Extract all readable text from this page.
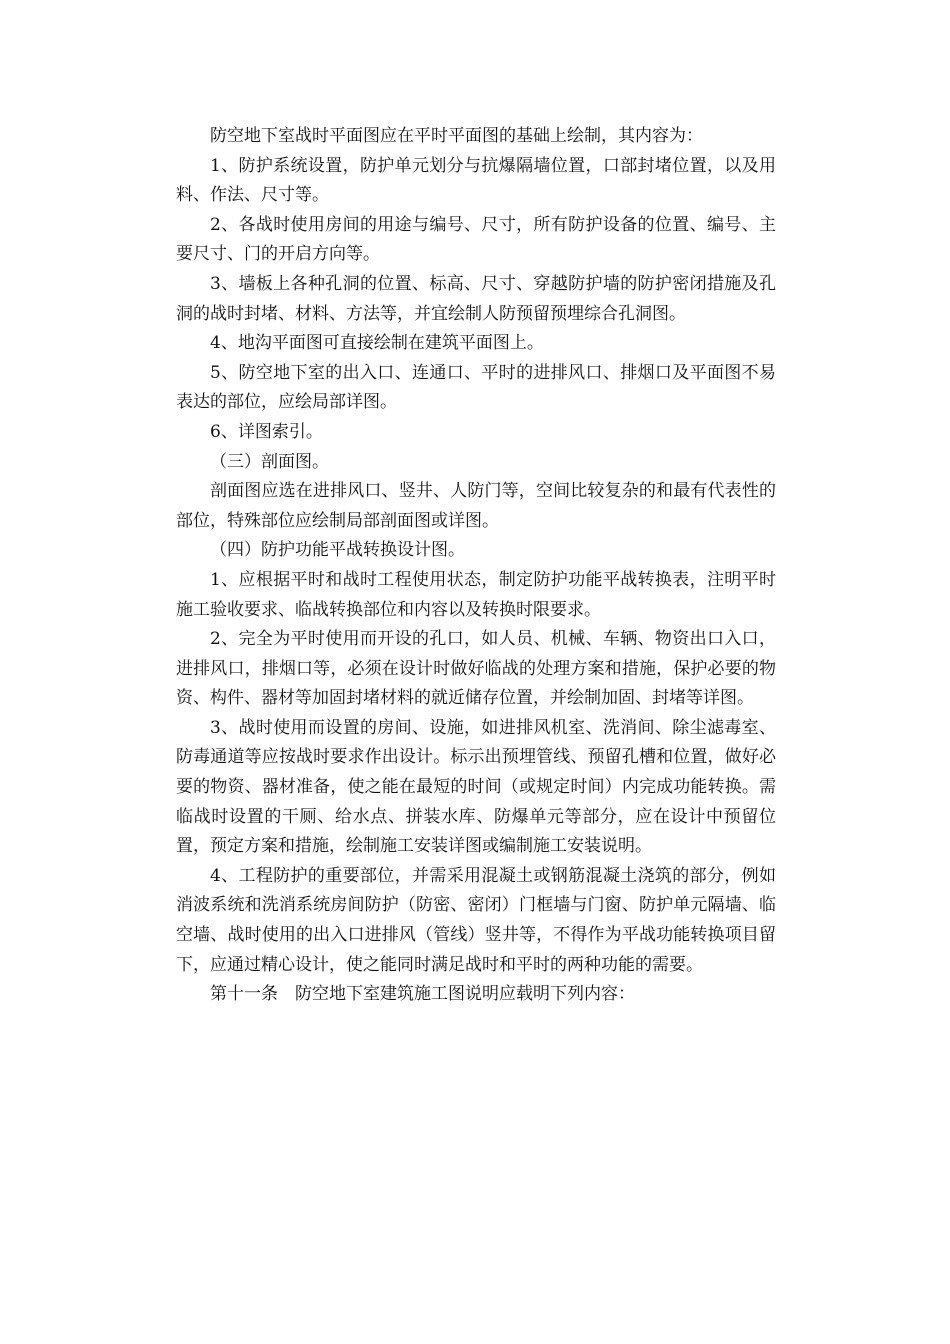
防空地下室战时平面图应在平时平面图的基础上绘制，其内容为：

1、防护系统设置，防护单元划分与抗爆隔墙位置，口部封堵位置，以及用料、作法、尺寸等。

2、各战时使用房间的用途与编号、尺寸，所有防护设备的位置、编号、主要尺寸、门的开启方向等。

3、墙板上各种孔洞的位置、标高、尺寸、穿越防护墙的防护密闭措施及孔洞的战时封堵、材料、方法等，并宜绘制人防预留预埋综合孔洞图。

4、地沟平面图可直接绘制在建筑平面图上。

5、防空地下室的出入口、连通口、平时的进排风口、排烟口及平面图不易表达的部位，应绘局部详图。

6、详图索引。

（三）剖面图。

剖面图应选在进排风口、竖井、人防门等，空间比较复杂的和最有代表性的部位，特殊部位应绘制局部剖面图或详图。

（四）防护功能平战转换设计图。

1、应根据平时和战时工程使用状态，制定防护功能平战转换表，注明平时施工验收要求、临战转换部位和内容以及转换时限要求。

2、完全为平时使用而开设的孔口，如人员、机械、车辆、物资出口入口，进排风口，排烟口等，必须在设计时做好临战的处理方案和措施，保护必要的物资、构件、器材等加固封堵材料的就近储存位置，并绘制加固、封堵等详图。

3、战时使用而设置的房间、设施，如进排风机室、洗消间、除尘滤毒室、防毒通道等应按战时要求作出设计。标示出预埋管线、预留孔槽和位置，做好必要的物资、器材准备，使之能在最短的时间（或规定时间）内完成功能转换。需临战时设置的干厕、给水点、拼装水库、防爆单元等部分，应在设计中预留位置，预定方案和措施，绘制施工安装详图或编制施工安装说明。

4、工程防护的重要部位，并需采用混凝土或钢筋混凝土浇筑的部分，例如消波系统和洗消系统房间防护（防密、密闭）门框墙与门窗、防护单元隔墙、临空墙、战时使用的出入口进排风（管线）竖井等，不得作为平战功能转换项目留下，应通过精心设计，使之能同时满足战时和平时的两种功能的需要。

第十一条　防空地下室建筑施工图说明应载明下列内容：
